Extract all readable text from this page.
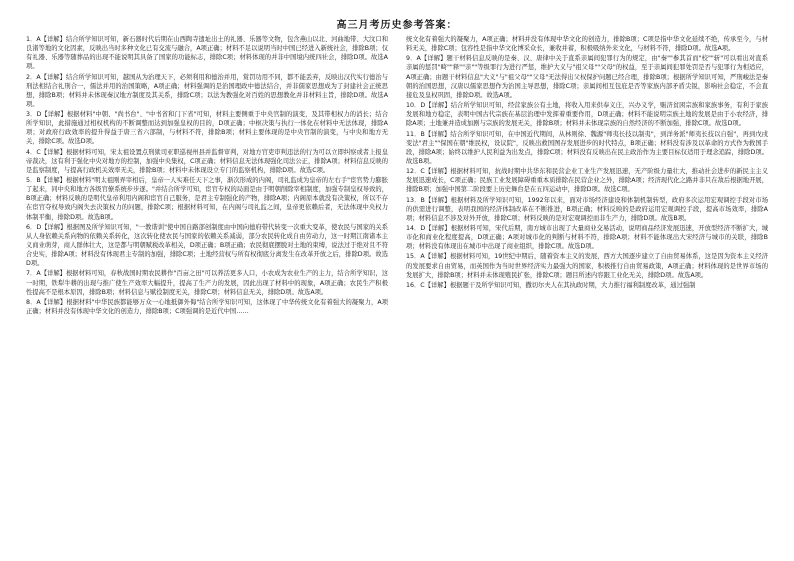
高三月考历史参考答案：

1．A【详解】结合所学知识可知，新石器时代后期在山西陶寺遗址出土的礼器、乐器等文物，包含燕山以北、河曲地带、大汶口和良渚等地的文化因素，反映出当时多种文化已有交流与融合，A项正确；材料不足以说明当时中国已经进入新统社会，排除B项；仅有礼器、乐器等随葬品的出现不能说明其具备了国家的功能标志，排除C项；材料体现的并非中国境内统四社会，排除D项。故选A项。

2．A【详解】结合所学知识可知，越国从为治理天下，必须利用和德治并用，赏罚功用不同，都不能丢弃，反映出汉代实行德治与刑法相结合礼刑合一，儒法并用的治国策略，A项正确；材料强调的是治国理政中德法结合，并非儒家思想成为了封建社会正统思想，排除B项；材料并未体现秦汉地方制度及其关系，排除C项；以法为教强化对百姓的思想教化并非材料主旨，排除D项。故选A项。

3．D【详解】根据材料"中朝、"尚书台"、"中书省和门下省"可知，材料主要侧重于中央官制的演变，及其带相权力的消长；结合所学知识，此措施通过相权机构的不断调整而达到加强皇权的目的，D项正确；中枢决策与执行一体化在材料中无法体现，排除A项；对政府行政效率的提升得益于唐三省六部制，与材料不符，排除B项；材料主要体现的是中央官制的演变，与中央和地方无关，排除C项。故选D项。

4．C【详解】根据材料可知，宋太祖设置点刑狱司亚职巡视州县并监督审判，对地方官吏审判违法的行为可以立即纠察或者上报皇帝裁决，这有利于强化中央对地方的控制，加强中央集权，C项正确；材料信息无法体现强化司法公正，排除A项；材料信息反映的是监察制度，与提高行政机关效率无关，排除B项；材料中未体现设立专门的监察机构，排除D项。故选C项。

5．B【详解】根据材料"明太祖刚弄宰相后，皇帝一人实难任天下之事，渐次形成的内阁，司礼监成为皇帝的左右手"宦官势力膨胀了起来，同中央和地方各级官僚系统步步逐。"并结合所学可知，宦官专权的局面是由于明朝削除宰相制度，加强专制皇权导致的，B项正确；材料反映的是明代皇帝利用内阁和宦官自己服务，是君主专制强化的产物，排除A项；内阁原本就没有决策权，所以不存在宦官夺权导致内阁失去决策权力的问题，排除C项；根据材料可知，在内阁与司礼监之间，皇帝更依赖后者，无法体现中央权力体制平衡，排除D项。故选B项。

6．D【详解】根据图及所学知识可知，"一教谐训"使中国自路部创制度由中国向德府带代转变一次重大变革，使农民与国家的关系从人身依赖关系向物的依赖关系转化，这次转化使农民与国家的依赖关系减弱，部分农民转化成自由劳动力，这一时期江南诸本主义商业萌芽，商人群体壮大，这是都与明朝赋税改革相关，D项正确；B项正确；农民彻底摆脱对土地的束缚，说法过于绝对且不符合史实，排除A项；材料没有体现君主专制的加强，排除C项；土地经营权与所有权彻底分离发生在改革开放之后，排除D项。故选D项。

7．A【详解】根据材料可知，春秋战国时期农民耕作"百亩之田"可以养活更多人口，小农成为农业生产的主力，结合所学知识，这一时期，铁犁牛耕的出现与推广使生产效率大幅提升，提高了生产力的发展，因此出现了材料中的现象，A项正确；农民生产积极性提高不是根本原因，排除B项；材料信息与赋役制度无关，排除C项；材料信息无关，排除D项。故选A项。

8．A【详解】根据材料"中华民族都能够万众一心地抵御外侮"结合所学知识可知，这体现了中华传统文化有着强大的凝聚力，A项正确；材料并没有体现中华文化的创造力，排除B项；C项强调的是近代中国……

统文化有着强大的凝聚力，A项正确；材料并没有体现中华文化的创造力，排除B项；C项是指中华文化延续不绝，传承至今，与材料无关，排除C项；包容性是指中华文化博采众长，兼收并蓄，积极吸纳外来文化，与材料不符，排除D项。故选A项。

9．A【详解】题干材料信息反映的是秦、汉、唐律中关于直系亲属间犯罪行为的规定，由"秦""参其首而"校""斩"可以看出对直系亲属的惩罚"畸""释""亲""等级罪行为进行严惩，维护大义与"祖父母""父母"的权益，至于亲属间犯罪处罚是否与犯罪行为相适应，A项正确；由题干材料信息"大义"与"祖父母""父母"无法得出父权保护问题已经合理，排除B项；根据所学知识可知，严刑峻法是秦朝的治国思想，汉唐以儒家思想作为治国主导思想，排除C项；亲属间相互包庇是否等家族内部矛盾尖锐，影响社会稳定，不会直接危及皇权巩固，排除D项。故选A项。

10．D【详解】结合所学知识可知，经营家族公有土地，将收入用来供奉义庄，兴办义学，赈济贫困宗族和家族事务，有利于家族发展和地方稳定，表明中国古代宗族在基层治理中发挥着重要作用，D项正确；材料不能说明宗族土地的发展是由于小农经济，排除A项；土地兼并造成加剧与宗族的发展无关，排除B项；材料并未体现宗族的自然经济的不断加强，排除C项。故选D项。

11．B【详解】结合所学知识可知，在中国近代期间，从林则徐、魏源"师夷长技以制夷"，到洋务派"师夷长技以自强"，再到戊戌变法"君主""保国在朝"维民权，设议院"，反映出救国图存发展进步的时代特点，B项正确；材料没有涉及以革命的方式作为救国手段，排除A项；始终以维护人民利益为出发点，排除C项；材料没有反映出在民主政治作为主要目标仅适用于理念追踪，排除D项。故选B项。

12．C【详解】根据材料可知，抗战时期中共华东和民营企业工业生产发展迅速，无产阶级力量壮大，推动社会进步的新民主主义发展迅速成长，C项正确；民族工业发展障碍重重本质排除在民营企业之外，排除A项；经济现代化之路并非只在敌后根据地开展，排除B项；加强中国第二阶段要上历史舞台是在五四运动中，排除D项。故选C项。

13．B【详解】根据材料及所学知识可知，1992年以来，面对市场经济建设和体制机制转型，政府多次运用宏观调控手段对市场的供需进行调整，表明我国的经济体制改革在不断推进，B项正确；材料反映的是政府运用宏观调控手段，提高市场效率，排除A项；材料信息不涉及对外开放，排除C项；材料反映的是对宏观调控而非生产力，排除D项。故选B项。

14．D【详解】根据材料可知，宋代后期，南方城市出现了大量商业交易活动，说明商品经济发展迅速，开放型经济不断扩大，城市化和商业化程度提高，D项正确；A项对城市化的判断与材料不符，排除A项；材料不能体现出大宋经济与城市的关联，排除B项；材料没有体现出在城市中出现了商业组织，排除C项。故选D项。

15．A【详解】根据材料可知，19世纪中期后，随着资本主义的发展，西方大国逐步建立了自由贸易体系，这是因为资本主义经济的发展要求自由贸易，而英国作为当时世界经济实力最强大的国家，积极推行自由贸易政策，A项正确；材料体现的是世界市场的发展扩大，排除B项；材料并未体现殖民扩张，排除C项；题目所述内容跟工业化无关，排除D项。故选A项。

16．C【详解】根据题干及所学知识可知，撒切尔夫人在其执政时期，大力推行福利制度改革，通过强制
